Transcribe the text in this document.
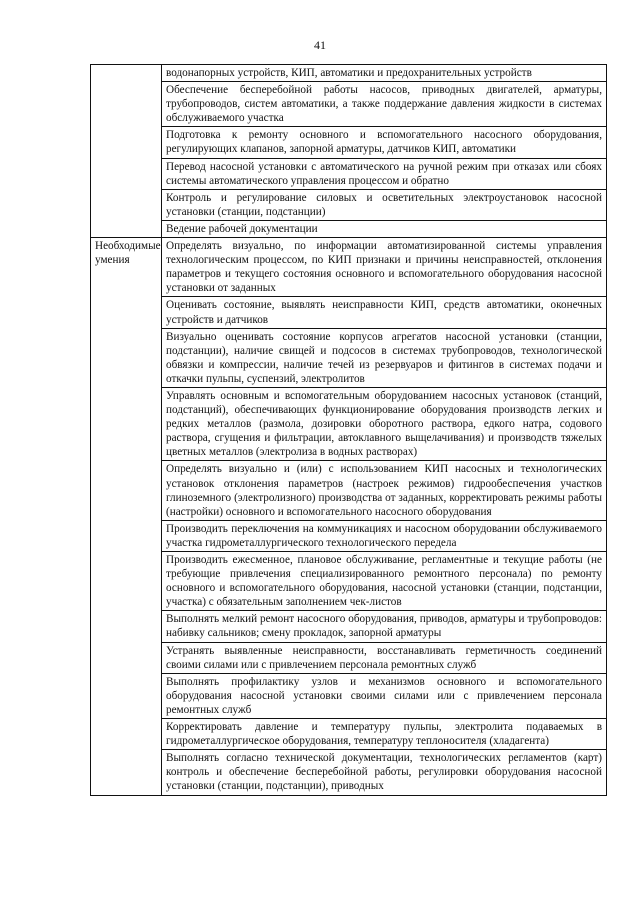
41
	водонапорных устройств, КИП, автоматики и предохранительных устройств
	Обеспечение бесперебойной работы насосов, приводных двигателей, арматуры, трубопроводов, систем автоматики, а также поддержание давления жидкости в системах обслуживаемого участка
	Подготовка к ремонту основного и вспомогательного насосного оборудования, регулирующих клапанов, запорной арматуры, датчиков КИП, автоматики
	Перевод насосной установки с автоматического на ручной режим при отказах или сбоях системы автоматического управления процессом и обратно
	Контроль и регулирование силовых и осветительных электроустановок насосной установки (станции, подстанции)
	Ведение рабочей документации
Необходимые умения	Определять визуально, по информации автоматизированной системы управления технологическим процессом, по КИП признаки и причины неисправностей, отклонения параметров и текущего состояния основного и вспомогательного оборудования насосной установки от заданных
	Оценивать состояние, выявлять неисправности КИП, средств автоматики, оконечных устройств и датчиков
	Визуально оценивать состояние корпусов агрегатов насосной установки (станции, подстанции), наличие свищей и подсосов в системах трубопроводов, технологической обвязки и компрессии, наличие течей из резервуаров и фитингов в системах подачи и откачки пульпы, суспензий, электролитов
	Управлять основным и вспомогательным оборудованием насосных установок (станций, подстанций), обеспечивающих функционирование оборудования производств легких и редких металлов (размола, дозировки оборотного раствора, едкого натра, содового раствора, сгущения и фильтрации, автоклавного выщелачивания) и производств тяжелых цветных металлов (электролиза в водных растворах)
	Определять визуально и (или) с использованием КИП насосных и технологических установок отклонения параметров (настроек режимов) гидрообеспечения участков глиноземного (электролизного) производства от заданных, корректировать режимы работы (настройки) основного и вспомогательного насосного оборудования
	Производить переключения на коммуникациях и насосном оборудовании обслуживаемого участка гидрометаллургического технологического передела
	Производить ежесменное, плановое обслуживание, регламентные и текущие работы (не требующие привлечения специализированного ремонтного персонала) по ремонту основного и вспомогательного оборудования, насосной установки (станции, подстанции, участка) с обязательным заполнением чек-листов
	Выполнять мелкий ремонт насосного оборудования, приводов, арматуры и трубопроводов: набивку сальников; смену прокладок, запорной арматуры
	Устранять выявленные неисправности, восстанавливать герметичность соединений своими силами или с привлечением персонала ремонтных служб
	Выполнять профилактику узлов и механизмов основного и вспомогательного оборудования насосной установки своими силами или с привлечением персонала ремонтных служб
	Корректировать давление и температуру пульпы, электролита подаваемых в гидрометаллургическое оборудования, температуру теплоносителя (хладагента)
	Выполнять согласно технической документации, технологических регламентов (карт) контроль и обеспечение бесперебойной работы, регулировки оборудования насосной установки (станции, подстанции), приводных
